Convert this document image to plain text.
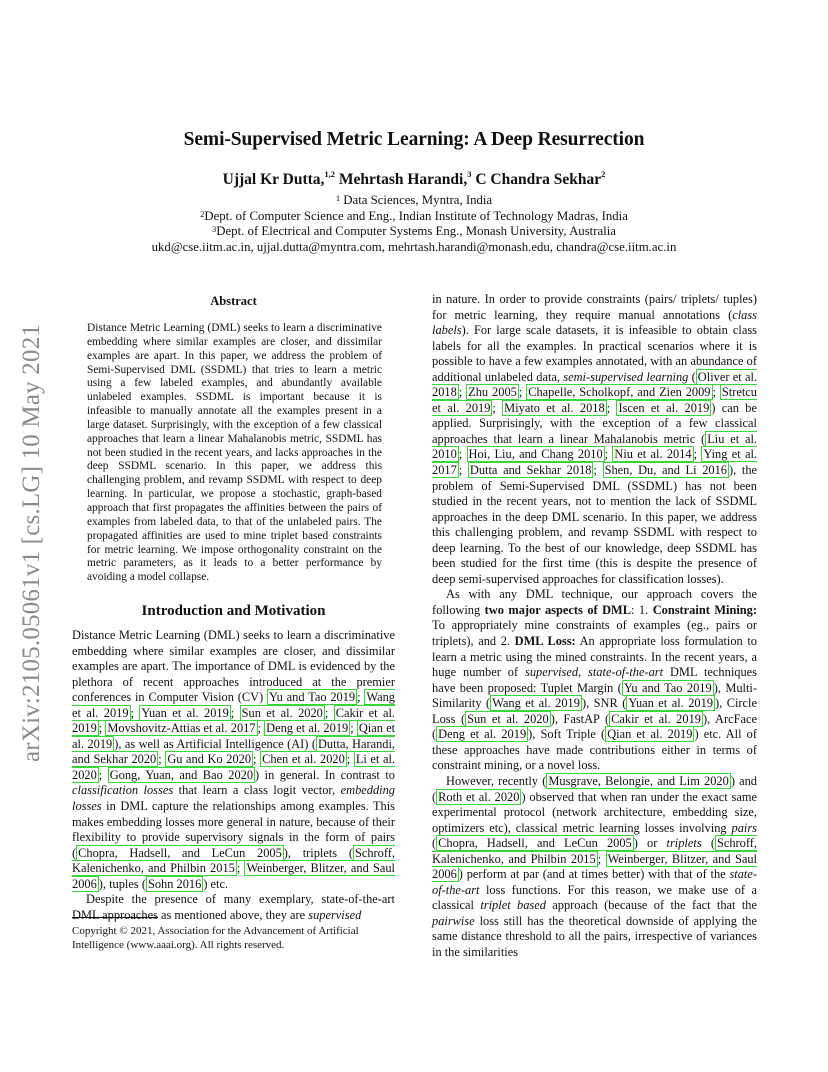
Semi-Supervised Metric Learning: A Deep Resurrection
Ujjal Kr Dutta,$^{1,2}$ Mehrtash Harandi,$^3$ C Chandra Sekhar$^2$
$^1$ Data Sciences, Myntra, India
$^2$Dept. of Computer Science and Eng., Indian Institute of Technology Madras, India
$^3$Dept. of Electrical and Computer Systems Eng., Monash University, Australia
ukd@cse.iitm.ac.in, ujjal.dutta@myntra.com, mehrtash.harandi@monash.edu, chandra@cse.iitm.ac.in
arXiv:2105.05061v1 [cs.LG] 10 May 2021
Abstract
Distance Metric Learning (DML) seeks to learn a discriminative embedding where similar examples are closer, and dissimilar examples are apart. In this paper, we address the problem of Semi-Supervised DML (SSDML) that tries to learn a metric using a few labeled examples, and abundantly available unlabeled examples. SSDML is important because it is infeasible to manually annotate all the examples present in a large dataset. Surprisingly, with the exception of a few classical approaches that learn a linear Mahalanobis metric, SSDML has not been studied in the recent years, and lacks approaches in the deep SSDML scenario. In this paper, we address this challenging problem, and revamp SSDML with respect to deep learning. In particular, we propose a stochastic, graph-based approach that first propagates the affinities between the pairs of examples from labeled data, to that of the unlabeled pairs. The propagated affinities are used to mine triplet based constraints for metric learning. We impose orthogonality constraint on the metric parameters, as it leads to a better performance by avoiding a model collapse.
Introduction and Motivation

Distance Metric Learning (DML) seeks to learn a discriminative embedding where similar examples are closer, and dissimilar examples are apart. The importance of DML is evidenced by the plethora of recent approaches introduced at the premier conferences in Computer Vision (CV) Yu and Tao 2019 ; Wang et al. 2019 ; Yuan et al. 2019 ; Sun et al. 2020 ; Cakir et al. 2019 ; Movshovitz-Attias et al. 2017 ; Deng et al. 2019 ; Qian et al. 2019 ), as well as Artificial Intelligence (AI) ( Dutta, Harandi, and Sekhar 2020 ; Gu and Ko 2020 ; Chen et al. 2020 ; Li et al. 2020 ; Gong, Yuan, and Bao 2020 ) in general. In contrast to classification losses that learn a class logit vector, embedding losses in DML capture the relationships among examples. This makes embedding losses more general in nature, because of their flexibility to provide supervisory signals in the form of pairs ( Chopra, Hadsell, and LeCun 2005 ), triplets ( Schroff, Kalenichenko, and Philbin 2015 ; Weinberger, Blitzer, and Saul 2006 ), tuples ( Sohn 2016 ) etc.

Despite the presence of many exemplary, state-of-the-art DML approaches as mentioned above, they are supervised

Copyright © 2021, Association for the Advancement of Artificial Intelligence (www.aaai.org). All rights reserved.

in nature. In order to provide constraints (pairs/ triplets/ tuples) for metric learning, they require manual annotations (class labels). For large scale datasets, it is infeasible to obtain class labels for all the examples. In practical scenarios where it is possible to have a few examples annotated, with an abundance of additional unlabeled data, semi-supervised learning ( Oliver et al. 2018 ; Zhu 2005 ; Chapelle, Scholkopf, and Zien 2009 ; Stretcu et al. 2019 ; Miyato et al. 2018 ; Iscen et al. 2019 ) can be applied. Surprisingly, with the exception of a few classical approaches that learn a linear Mahalanobis metric ( Liu et al. 2010 ; Hoi, Liu, and Chang 2010 ; Niu et al. 2014 ; Ying et al. 2017 ; Dutta and Sekhar 2018 ; Shen, Du, and Li 2016 ), the problem of Semi-Supervised DML (SSDML) has not been studied in the recent years, not to mention the lack of SSDML approaches in the deep DML scenario. In this paper, we address this challenging problem, and revamp SSDML with respect to deep learning. To the best of our knowledge, deep SSDML has been studied for the first time (this is despite the presence of deep semi-supervised approaches for classification losses).

As with any DML technique, our approach covers the following two major aspects of DML: 1. Constraint Mining: To appropriately mine constraints of examples (eg., pairs or triplets), and 2. DML Loss: An appropriate loss formulation to learn a metric using the mined constraints. In the recent years, a huge number of supervised, state-of-the-art DML techniques have been proposed: Tuplet Margin ( Yu and Tao 2019 ), Multi-Similarity ( Wang et al. 2019 ), SNR ( Yuan et al. 2019 ), Circle Loss ( Sun et al. 2020 ), FastAP ( Cakir et al. 2019 ), ArcFace ( Deng et al. 2019 ), Soft Triple ( Qian et al. 2019 ) etc. All of these approaches have made contributions either in terms of constraint mining, or a novel loss.

However, recently ( Musgrave, Belongie, and Lim 2020 ) and ( Roth et al. 2020 ) observed that when ran under the exact same experimental protocol (network architecture, embedding size, optimizers etc), classical metric learning losses involving pairs ( Chopra, Hadsell, and LeCun 2005 ) or triplets ( Schroff, Kalenichenko, and Philbin 2015 ; Weinberger, Blitzer, and Saul 2006 ) perform at par (and at times better) with that of the state-of-the-art loss functions. For this reason, we make use of a classical triplet based approach (because of the fact that the pairwise loss still has the theoretical downside of applying the same distance threshold to all the pairs, irrespective of variances in the similarities
